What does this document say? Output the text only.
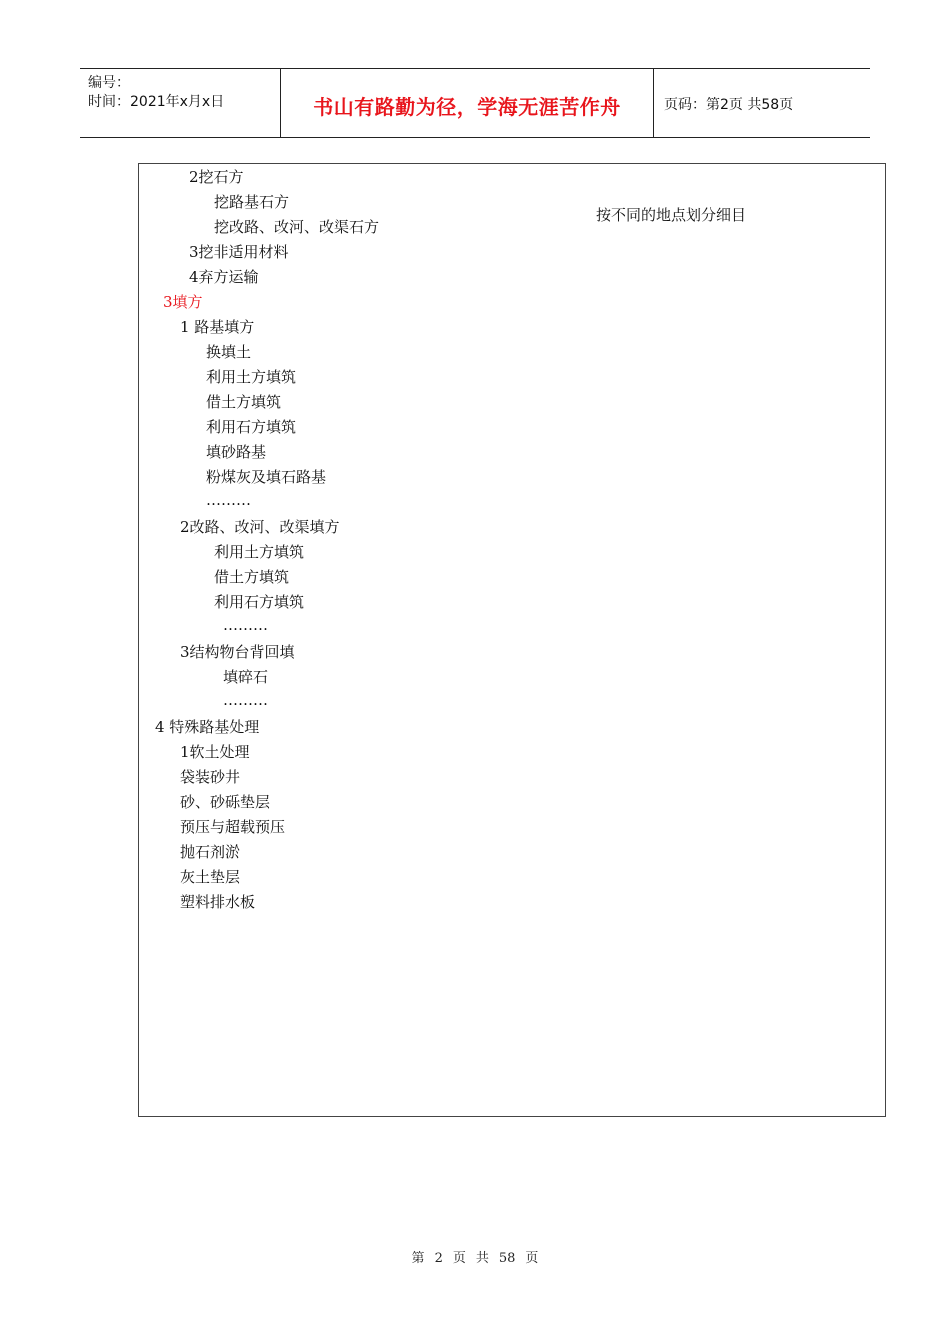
编号：
时间：2021年x月x日	书山有路勤为径，学海无涯苦作舟	页码：第2页 共58页
2挖石方
挖路基石方
挖改路、改河、改渠石方
3挖非适用材料
4弃方运输
3填方
1 路基填方
换填土
利用土方填筑
借土方填筑
利用石方填筑
填砂路基
粉煤灰及填石路基
………
2改路、改河、改渠填方
利用土方填筑
借土方填筑
利用石方填筑
………
3结构物台背回填
填碎石
………
4 特殊路基处理
1软土处理
袋装砂井
砂、砂砾垫层
预压与超载预压
抛石剂淤
灰土垫层
塑料排水板
按不同的地点划分细目
第 2 页 共 58 页
